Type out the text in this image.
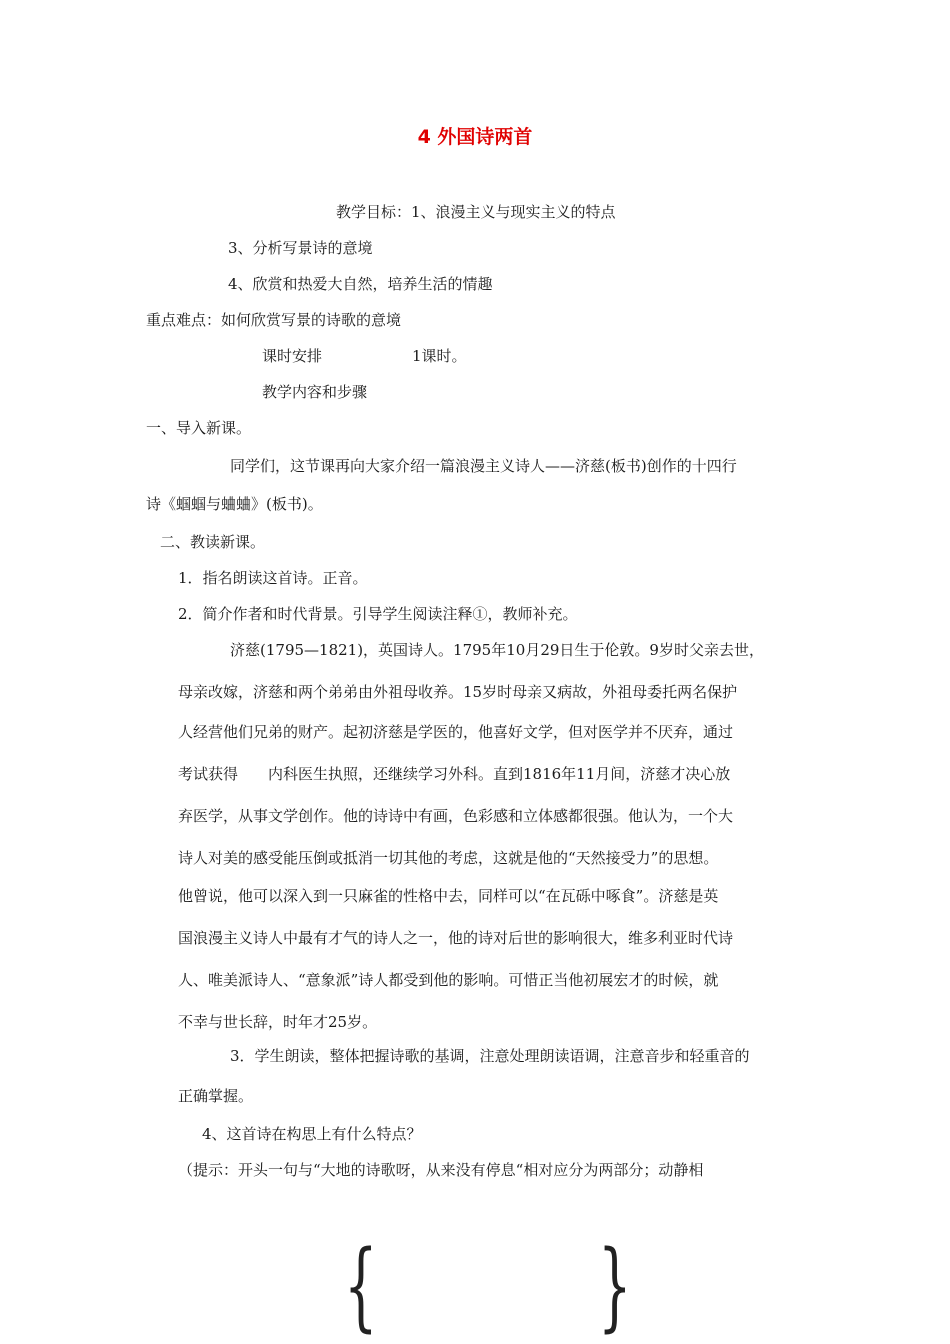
4 外国诗两首
教学目标：1、浪漫主义与现实主义的特点
3、分析写景诗的意境
4、欣赏和热爱大自然，培养生活的情趣
重点难点：如何欣赏写景的诗歌的意境
课时安排	1课时。
教学内容和步骤
一、导入新课。
同学们，这节课再向大家介绍一篇浪漫主义诗人——济慈(板书)创作的十四行
诗《蝈蝈与蛐蛐》(板书)。
二、教读新课。
1．指名朗读这首诗。正音。
2．简介作者和时代背景。引导学生阅读注释①，教师补充。
济慈(1795—1821)，英国诗人。1795年10月29日生于伦敦。9岁时父亲去世，
母亲改嫁，济慈和两个弟弟由外祖母收养。15岁时母亲又病故，外祖母委托两名保护
人经营他们兄弟的财产。起初济慈是学医的，他喜好文学，但对医学并不厌弃，通过
考试获得　　内科医生执照，还继续学习外科。直到1816年11月间，济慈才决心放
弃医学，从事文学创作。他的诗诗中有画，色彩感和立体感都很强。他认为，一个大
诗人对美的感受能压倒或抵消一切其他的考虑，这就是他的“天然接受力”的思想。
他曾说，他可以深入到一只麻雀的性格中去，同样可以“在瓦砾中啄食”。济慈是英
国浪漫主义诗人中最有才气的诗人之一，他的诗对后世的影响很大，维多利亚时代诗
人、唯美派诗人、“意象派”诗人都受到他的影响。可惜正当他初展宏才的时候，就
不幸与世长辞，时年才25岁。
3．学生朗读，整体把握诗歌的基调，注意处理朗读语调，注意音步和轻重音的
正确掌握。
4、这首诗在构思上有什么特点？
（提示：开头一句与“大地的诗歌呀，从来没有停息“相对应分为两部分；动静相
{ }
